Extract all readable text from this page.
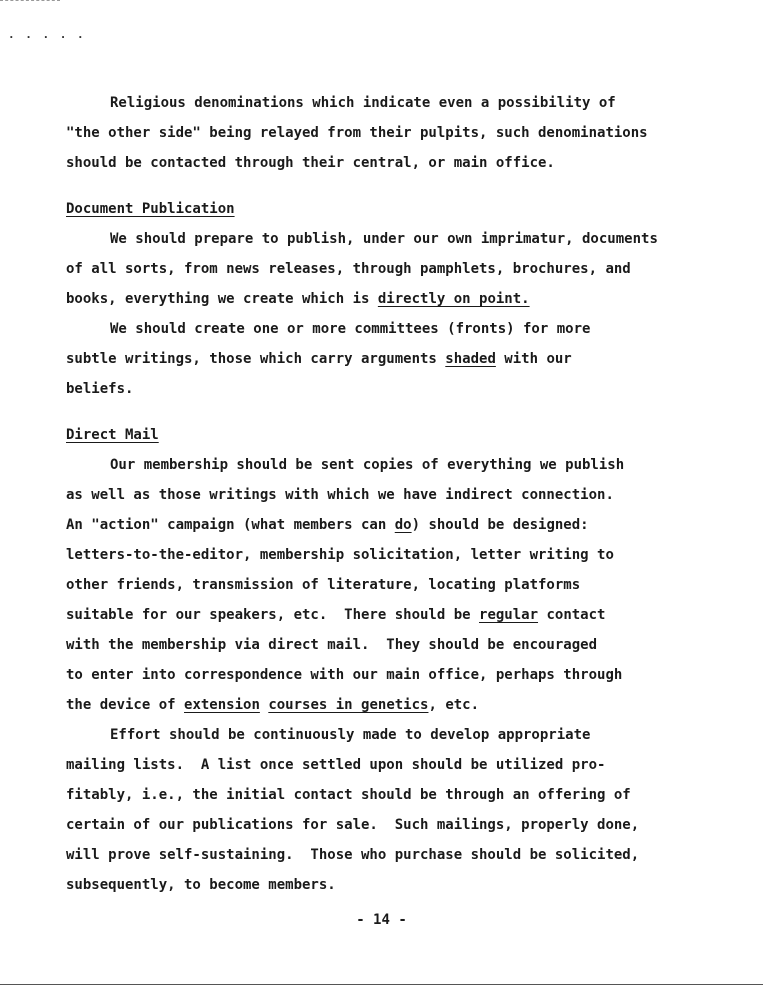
. . . . .
Religious denominations which indicate even a possibility of
"the other side" being relayed from their pulpits, such denominations
should be contacted through their central, or main office.
Document Publication
We should prepare to publish, under our own imprimatur, documents
of all sorts, from news releases, through pamphlets, brochures, and
books, everything we create which is directly on point.
We should create one or more committees (fronts) for more
subtle writings, those which carry arguments shaded with our
beliefs.
Direct Mail
Our membership should be sent copies of everything we publish
as well as those writings with which we have indirect connection.
An "action" campaign (what members can do) should be designed:
letters-to-the-editor, membership solicitation, letter writing to
other friends, transmission of literature, locating platforms
suitable for our speakers, etc.  There should be regular contact
with the membership via direct mail.  They should be encouraged
to enter into correspondence with our main office, perhaps through
the device of extension courses in genetics, etc.
Effort should be continuously made to develop appropriate
mailing lists.  A list once settled upon should be utilized pro-
fitably, i.e., the initial contact should be through an offering of
certain of our publications for sale.  Such mailings, properly done,
will prove self-sustaining.  Those who purchase should be solicited,
subsequently, to become members.
- 14 -
